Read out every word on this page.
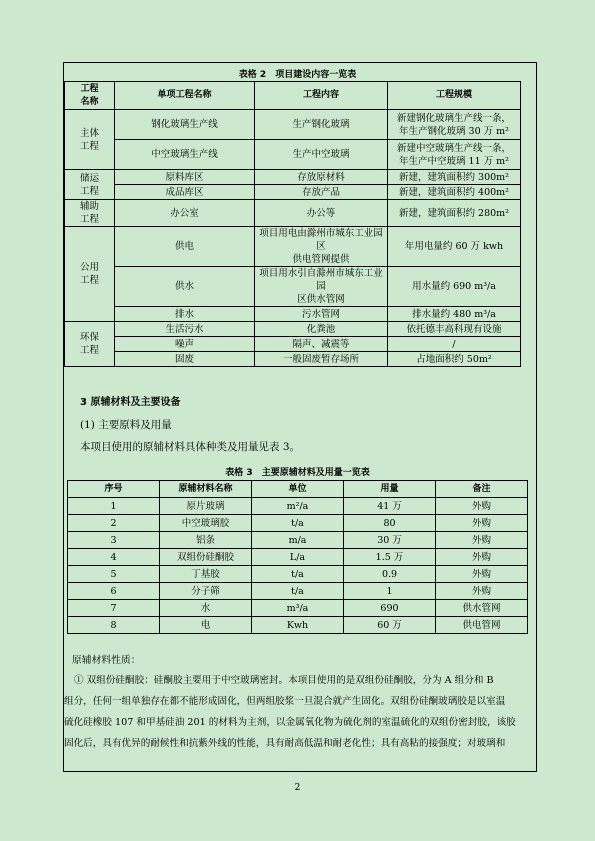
表格 2　项目建设内容一览表
工程
名称	单项工程名称	工程内容	工程规模
主体
工程	钢化玻璃生产线	生产钢化玻璃	新建钢化玻璃生产线一条，
年生产钢化玻璃 30 万 m²
	中空玻璃生产线	生产中空玻璃	新建中空玻璃生产线一条，
年生产中空玻璃 11 万 m²
储运
工程	原料库区	存放原材料	新建，建筑面积约 300m²
	成品库区	存放产品	新建，建筑面积约 400m²
辅助
工程	办公室	办公等	新建，建筑面积约 280m²
公用
工程	供电	项目用电由滁州市城东工业园区
供电管网提供	年用电量约 60 万 kwh
	供水	项目用水引自滁州市城东工业园
区供水管网	用水量约 690 m³/a
	排水	污水管网	排水量约 480 m³/a
环保
工程	生活污水	化粪池	依托德丰高科现有设施
	噪声	隔声、减震等	/
	固废	一般固废暂存场所	占地面积约 50m²
3 原辅材料及主要设备
(1) 主要原料及用量
本项目使用的原辅材料具体种类及用量见表 3。
表格 3　主要原辅材料及用量一览表
序号	原辅材料名称	单位	用量	备注
1	原片玻璃	m²/a	41 万	外购
2	中空玻璃胶	t/a	80	外购
3	铝条	m/a	30 万	外购
4	双组份硅酮胶	L/a	1.5 万	外购
5	丁基胶	t/a	0.9	外购
6	分子筛	t/a	1	外购
7	水	m³/a	690	供水管网
8	电	Kwh	60 万	供电管网
原辅材料性质：
① 双组份硅酮胶：硅酮胶主要用于中空玻璃密封。本项目使用的是双组份硅酮胶，分为 A 组分和 B
组分，任何一组单独存在都不能形成固化，但两组胶浆一旦混合就产生固化。双组份硅酮玻璃胶是以室温
硫化硅橡胶 107 和甲基硅油 201 的材料为主剂，以金属氧化物为硫化剂的室温硫化的双组份密封胶，该胶
固化后，具有优异的耐候性和抗紫外线的性能，具有耐高低温和耐老化性；具有高粘的接强度；对玻璃和
2
